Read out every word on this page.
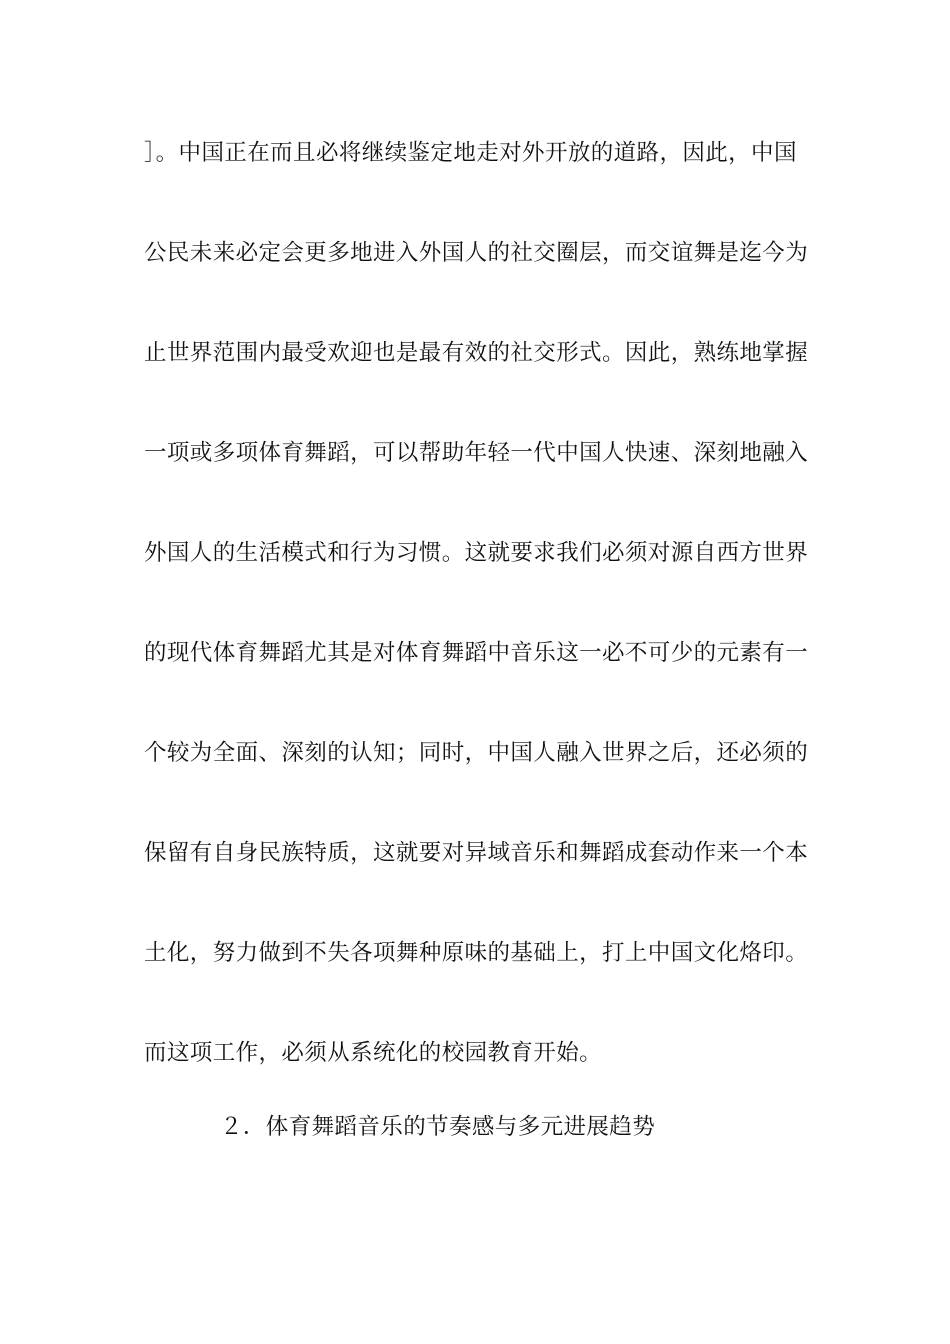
］。中国正在而且必将继续鉴定地走对外开放的道路，因此，中国
公民未来必定会更多地进入外国人的社交圈层，而交谊舞是迄今为
止世界范围内最受欢迎也是最有效的社交形式。因此，熟练地掌握
一项或多项体育舞蹈，可以帮助年轻一代中国人快速、深刻地融入
外国人的生活模式和行为习惯。这就要求我们必须对源自西方世界
的现代体育舞蹈尤其是对体育舞蹈中音乐这一必不可少的元素有一
个较为全面、深刻的认知；同时，中国人融入世界之后，还必须的
保留有自身民族特质，这就要对异域音乐和舞蹈成套动作来一个本
土化，努力做到不失各项舞种原味的基础上，打上中国文化烙印。
而这项工作，必须从系统化的校园教育开始。
２．体育舞蹈音乐的节奏感与多元进展趋势
